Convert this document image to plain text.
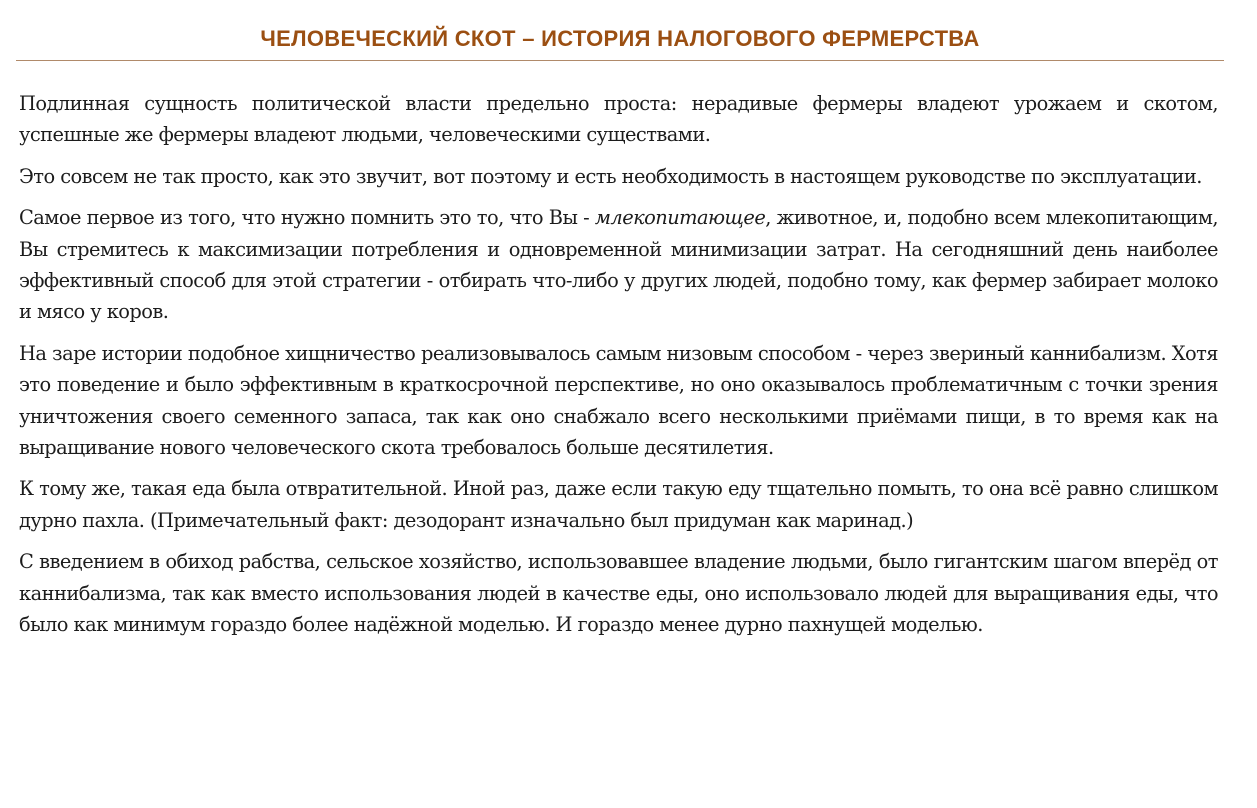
ЧЕЛОВЕЧЕСКИЙ СКОТ – ИСТОРИЯ НАЛОГОВОГО ФЕРМЕРСТВА

Подлинная сущность политической власти предельно проста: нерадивые фермеры владеют урожаем и скотом, успешные же фермеры владеют людьми, человеческими существами.

Это совсем не так просто, как это звучит, вот поэтому и есть необходимость в настоящем руководстве по эксплуатации.

Самое первое из того, что нужно помнить это то, что Вы - млекопитающее, животное, и, подобно всем млекопитающим, Вы стремитесь к максимизации потребления и одновременной минимизации затрат. На сегодняшний день наиболее эффективный способ для этой стратегии - отбирать что-либо у других людей, подобно тому, как фермер забирает молоко и мясо у коров.

На заре истории подобное хищничество реализовывалось самым низовым способом - через звериный каннибализм. Хотя это поведение и было эффективным в краткосрочной перспективе, но оно оказывалось проблематичным с точки зрения уничтожения своего семенного запаса, так как оно снабжало всего несколькими приёмами пищи, в то время как на выращивание нового человеческого скота требовалось больше десятилетия.

К тому же, такая еда была отвратительной. Иной раз, даже если такую еду тщательно помыть, то она всё равно слишком дурно пахла. (Примечательный факт: дезодорант изначально был придуман как маринад.)

С введением в обиход рабства, сельское хозяйство, использовавшее владение людьми, было гигантским шагом вперёд от каннибализма, так как вместо использования людей в качестве еды, оно использовало людей для выращивания еды, что было как минимум гораздо более надёжной моделью. И гораздо менее дурно пахнущей моделью.
